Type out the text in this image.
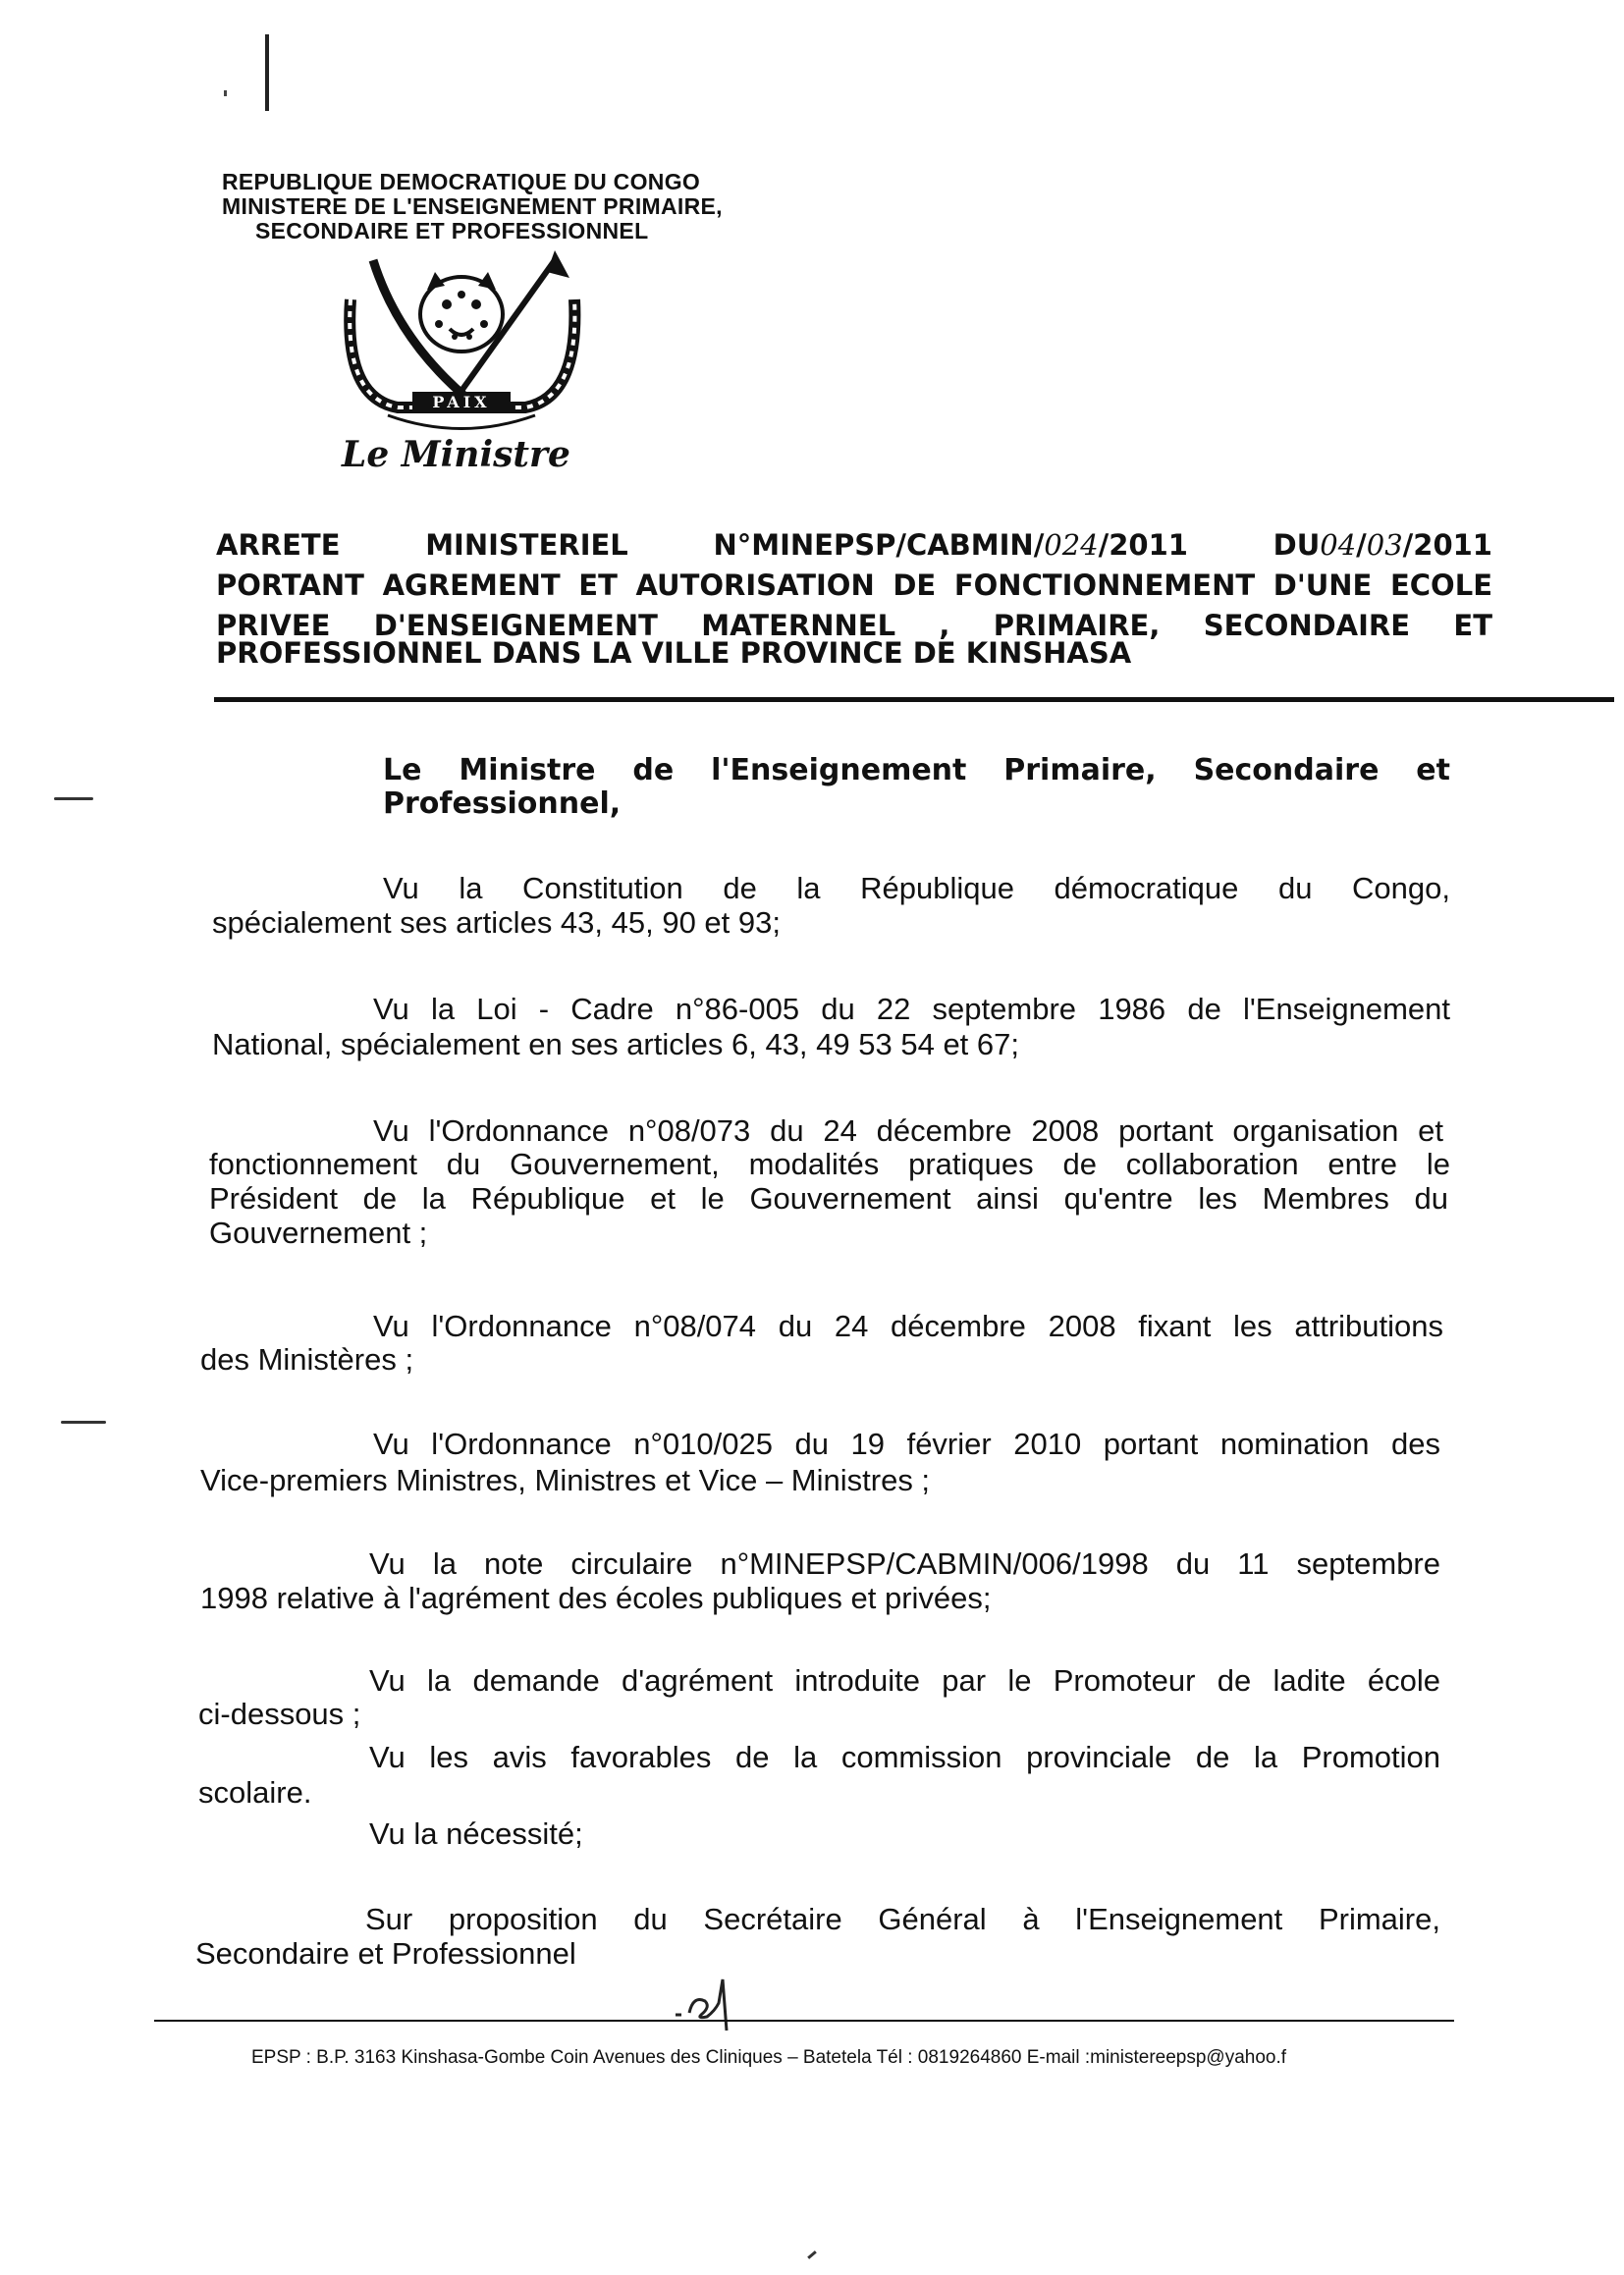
REPUBLIQUE DEMOCRATIQUE DU CONGO
MINISTERE DE L'ENSEIGNEMENT PRIMAIRE,
SECONDAIRE ET PROFESSIONNEL
PAIX
Le Ministre
ARRETE	MINISTERIEL	N°MINEPSP/CABMIN/024/2011	DU04/03/2011
PORTANT AGREMENT ET AUTORISATION DE FONCTIONNEMENT D'UNE ECOLE
PRIVEE D'ENSEIGNEMENT MATERNNEL , PRIMAIRE, SECONDAIRE ET
PROFESSIONNEL DANS LA VILLE PROVINCE DE KINSHASA
Le Ministre de l'Enseignement Primaire, Secondaire et
Professionnel,
Vu la Constitution de la République démocratique du Congo,
spécialement ses articles 43, 45, 90 et 93;
Vu la Loi - Cadre n°86-005 du 22 septembre 1986 de l'Enseignement
National, spécialement en ses articles 6, 43, 49 53 54 et 67;
Vu l'Ordonnance n°08/073 du 24 décembre 2008 portant organisation et
fonctionnement du Gouvernement, modalités pratiques de collaboration entre le
Président de la République et le Gouvernement ainsi qu'entre les Membres du
Gouvernement ;
Vu l'Ordonnance n°08/074 du 24 décembre 2008 fixant les attributions
des Ministères ;
Vu l'Ordonnance n°010/025 du 19 février 2010 portant nomination des
Vice-premiers Ministres, Ministres et Vice – Ministres ;
Vu la note circulaire n°MINEPSP/CABMIN/006/1998 du 11 septembre
1998 relative à l'agrément des écoles publiques et privées;
Vu la demande d'agrément introduite par le Promoteur de ladite école
ci-dessous ;
Vu les avis favorables de la commission provinciale de la Promotion
scolaire.
Vu la nécessité;
Sur proposition du Secrétaire Général à l'Enseignement Primaire,
Secondaire et Professionnel
EPSP : B.P. 3163 Kinshasa-Gombe Coin Avenues des Cliniques – Batetela Tél : 0819264860 E-mail :ministereepsp@yahoo.f
